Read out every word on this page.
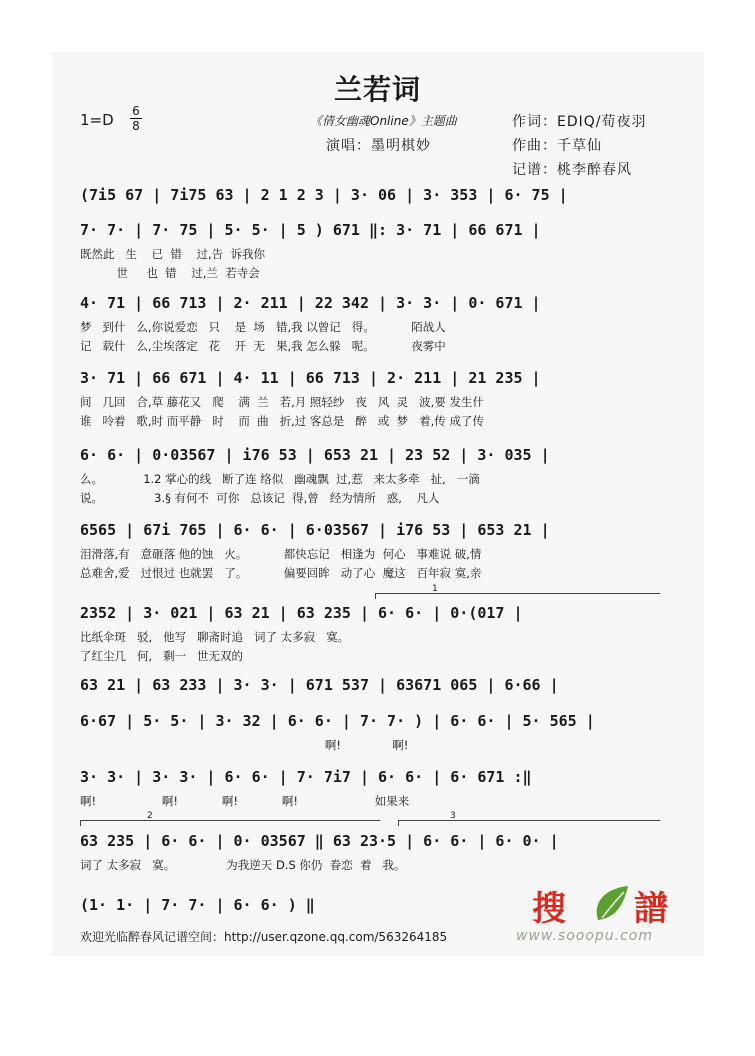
兰若词
1=D 6
8	《倩女幽魂Online》主题曲
演唱：墨明棋妙
作词：EDIQ/荀夜羽
作曲：千草仙
记谱：桃李醉春风
(7i5 67 | 7i75 63 | 2 1 2 3 | 3· 06 | 3· 353 | 6· 75 |
7· 7· | 7· 75 | 5· 5· | 5 ) 671 ‖: 3· 71 | 66 671 |
既然此   生    已  错    过,告  诉我你
世     也  错    过,兰  若寺会
4· 71 | 66 713 | 2· 211 | 22 342 | 3· 3· | 0· 671 |
梦   到什   么,你说爱恋   只    是  场   错,我 以曾记   得。          陌战人
记   载什   么,尘埃落定   花    开  无   果,我 怎么躲   呢。          夜雾中
3· 71 | 66 671 | 4· 11 | 66 713 | 2· 211 | 21 235 |
间   几回   合,草 藤花又   爬    满  兰   若,月 照轻纱   夜   风  灵   波,要 发生什
谁   呤着   歌,时 而平静   时    而  曲   折,过 客总是   醉   或  梦   着,传 成了传
6· 6· | 0·03567 | i76 53 | 653 21 | 23 52 | 3· 035 |
么。           1.2 掌心的线   断了连 络似   幽魂飘  过,惹   来太多牵   扯,   一滴
说。              3.§ 有何不  可你   总该记  得,曾   经为情所   惑,    凡人
6565 | 67i 765 | 6· 6· | 6·03567 | i76 53 | 653 21 |
泪滑落,有   意砸落 他的蚀   火。          都快忘记   相逢为  何心   事难说 破,情
总难舍,爱   过恨过 也就罢   了。          偏要回眸   动了心  魔这   百年寂 寞,亲
2352 | 3· 021 | 63 21 | 63 235 | 6· 6· | 0·(017 |
比纸伞斑   驳,   他写   聊斋时追   词了 太多寂   寞。
了红尘几   何,   剩一   世无双的
63 21 | 63 233 | 3· 3· | 671 537 | 63671 065 | 6·66 |
6·67 | 5· 5· | 3· 32 | 6· 6· | 7· 7· ) | 6· 6· | 5· 565 |
啊!              啊!
3· 3· | 3· 3· | 6· 6· | 7· 7i7 | 6· 6· | 6· 671 :‖
啊!                  啊!            啊!            啊!                     如果来
63 235 | 6· 6· | 0· 03567 ‖ 63 23·5 | 6· 6· | 6· 0· |
词了 太多寂   寞。              为我逆天 D.S 你仍  眷恋  着   我。
(1· 1· | 7· 7· | 6· 6· ) ‖
1
2	3
欢迎光临醉春风记谱空间：http://user.qzone.qq.com/563264185
搜 譜
www.sooopu.com
